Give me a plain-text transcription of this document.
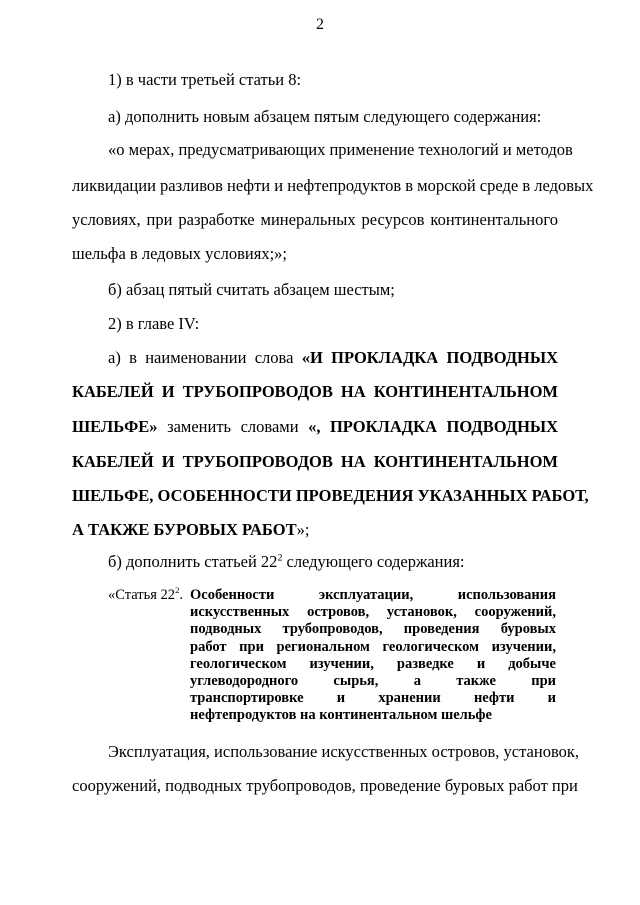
2
1) в части третьей статьи 8:
а) дополнить новым абзацем пятым следующего содержания:
«о мерах, предусматривающих применение технологий и методов
ликвидации разливов нефти и нефтепродуктов в морской среде в ледовых
условиях, при разработке минеральных ресурсов континентального
шельфа в ледовых условиях;»;
б) абзац пятый считать абзацем шестым;
2) в главе IV:
а) в наименовании слова «И ПРОКЛАДКА ПОДВОДНЫХ
КАБЕЛЕЙ И ТРУБОПРОВОДОВ НА КОНТИНЕНТАЛЬНОМ
ШЕЛЬФЕ» заменить словами «, ПРОКЛАДКА ПОДВОДНЫХ
КАБЕЛЕЙ И ТРУБОПРОВОДОВ НА КОНТИНЕНТАЛЬНОМ
ШЕЛЬФЕ, ОСОБЕННОСТИ ПРОВЕДЕНИЯ УКАЗАННЫХ РАБОТ,
А ТАКЖЕ БУРОВЫХ РАБОТ»;
б) дополнить статьей $22^2$ следующего содержания:
«Статья $22^2$. Особенности эксплуатации, использования
искусственных островов, установок, сооружений,
подводных трубопроводов, проведения буровых
работ при региональном геологическом изучении,
геологическом изучении, разведке и добыче
углеводородного сырья, а также при
транспортировке и хранении нефти и
нефтепродуктов на континентальном шельфе
Эксплуатация, использование искусственных островов, установок,
сооружений, подводных трубопроводов, проведение буровых работ при
